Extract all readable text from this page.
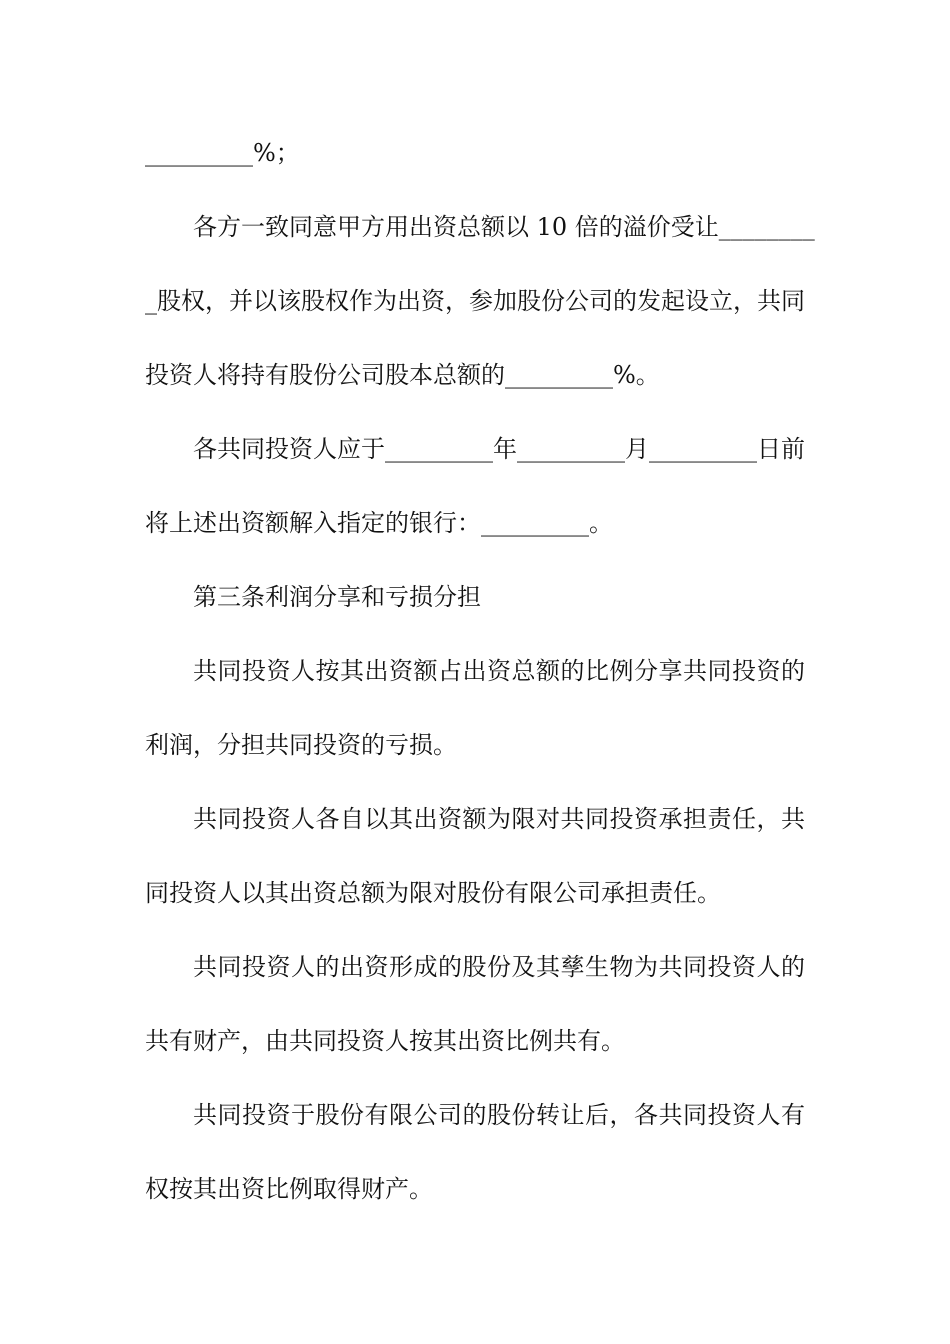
_________%；
各方一致同意甲方用出资总额以 10 倍的溢价受让________
_股权，并以该股权作为出资，参加股份公司的发起设立，共同
投资人将持有股份公司股本总额的_________%。
各共同投资人应于_________年_________月_________日前
将上述出资额解入指定的银行：_________。
第三条利润分享和亏损分担
共同投资人按其出资额占出资总额的比例分享共同投资的
利润，分担共同投资的亏损。
共同投资人各自以其出资额为限对共同投资承担责任，共
同投资人以其出资总额为限对股份有限公司承担责任。
共同投资人的出资形成的股份及其孳生物为共同投资人的
共有财产，由共同投资人按其出资比例共有。
共同投资于股份有限公司的股份转让后，各共同投资人有
权按其出资比例取得财产。
